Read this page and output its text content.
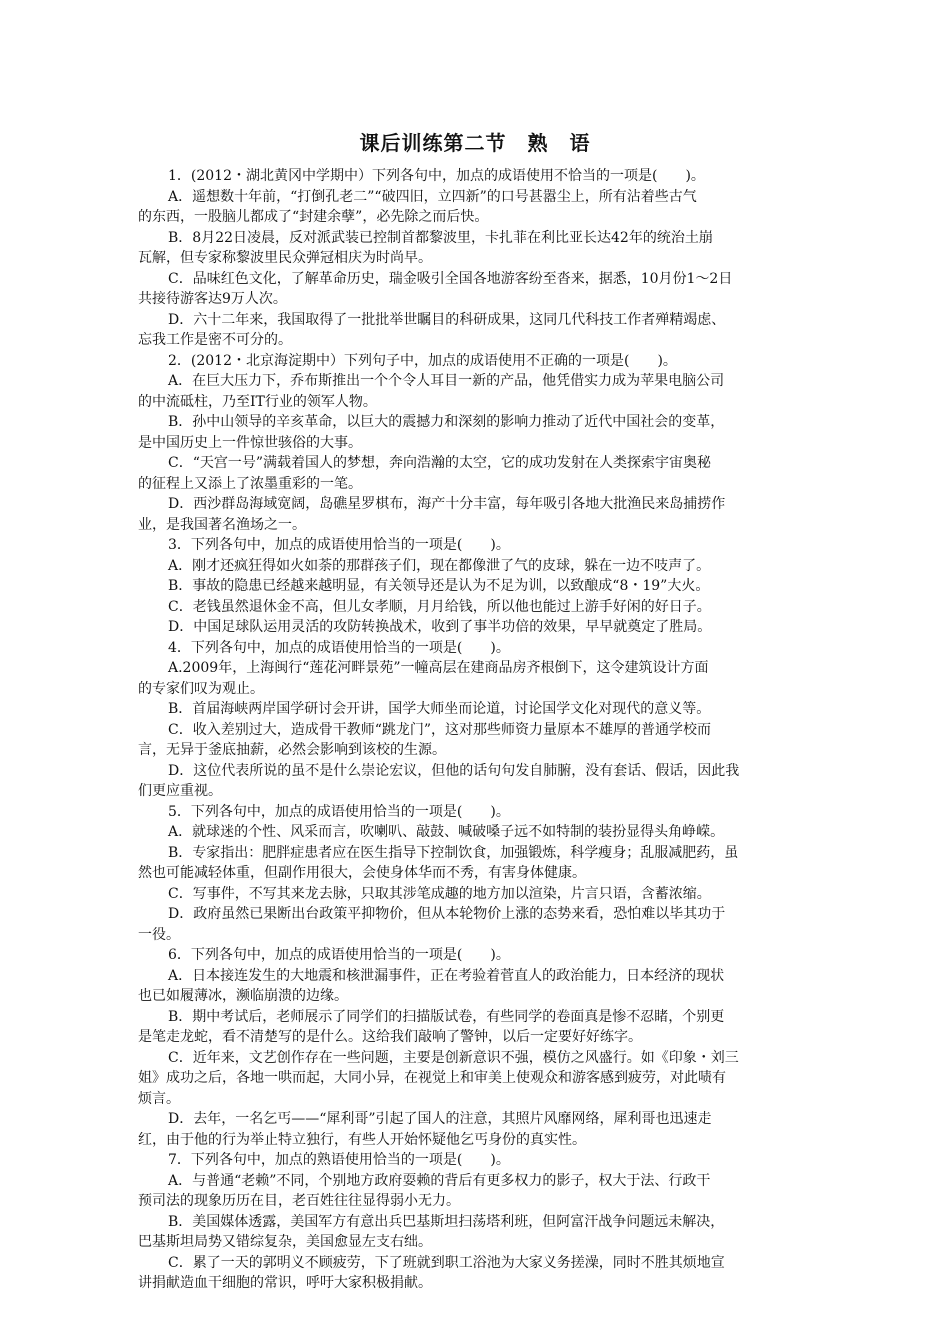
课后训练第二节　熟　语
1．(2012・湖北黄冈中学期中）下列各句中，加点的成语使用不恰当的一项是(　　)。
A．遥想数十年前，“打倒孔老二”“破四旧，立四新”的口号甚嚣尘上，所有沾着些古气
的东西，一股脑儿都成了“封建余孽”，必先除之而后快。
B．8月22日凌晨，反对派武装已控制首都黎波里，卡扎菲在利比亚长达42年的统治土崩
瓦解，但专家称黎波里民众弹冠相庆为时尚早。
C．品味红色文化，了解革命历史，瑞金吸引全国各地游客纷至沓来，据悉，10月份1～2日
共接待游客达9万人次。
D．六十二年来，我国取得了一批批举世瞩目的科研成果，这同几代科技工作者殚精竭虑、
忘我工作是密不可分的。
2．(2012・北京海淀期中）下列句子中，加点的成语使用不正确的一项是(　　)。
A．在巨大压力下，乔布斯推出一个个令人耳目一新的产品，他凭借实力成为苹果电脑公司
的中流砥柱，乃至IT行业的领军人物。
B．孙中山领导的辛亥革命，以巨大的震撼力和深刻的影响力推动了近代中国社会的变革，
是中国历史上一件惊世骇俗的大事。
C．“天宫一号”满载着国人的梦想，奔向浩瀚的太空，它的成功发射在人类探索宇宙奥秘
的征程上又添上了浓墨重彩的一笔。
D．西沙群岛海域宽阔，岛礁星罗棋布，海产十分丰富，每年吸引各地大批渔民来岛捕捞作
业，是我国著名渔场之一。
3．下列各句中，加点的成语使用恰当的一项是(　　)。
A．刚才还疯狂得如火如荼的那群孩子们，现在都像泄了气的皮球，躲在一边不吱声了。
B．事故的隐患已经越来越明显，有关领导还是认为不足为训，以致酿成“8・19”大火。
C．老钱虽然退休金不高，但儿女孝顺，月月给钱，所以他也能过上游手好闲的好日子。
D．中国足球队运用灵活的攻防转换战术，收到了事半功倍的效果，早早就奠定了胜局。
4．下列各句中，加点的成语使用恰当的一项是(　　)。
A.2009年，上海闽行“莲花河畔景苑”一幢高层在建商品房齐根倒下，这令建筑设计方面
的专家们叹为观止。
B．首届海峡两岸国学研讨会开讲，国学大师坐而论道，讨论国学文化对现代的意义等。
C．收入差别过大，造成骨干教师“跳龙门”，这对那些师资力量原本不雄厚的普通学校而
言，无异于釜底抽薪，必然会影响到该校的生源。
D．这位代表所说的虽不是什么崇论宏议，但他的话句句发自肺腑，没有套话、假话，因此我
们更应重视。
5．下列各句中，加点的成语使用恰当的一项是(　　)。
A．就球迷的个性、风采而言，吹喇叭、敲鼓、喊破嗓子远不如特制的装扮显得头角峥嵘。
B．专家指出：肥胖症患者应在医生指导下控制饮食，加强锻炼，科学瘦身；乱服减肥药，虽
然也可能减轻体重，但副作用很大，会使身体华而不秀，有害身体健康。
C．写事件，不写其来龙去脉，只取其涉笔成趣的地方加以渲染，片言只语，含蓄浓缩。
D．政府虽然已果断出台政策平抑物价，但从本轮物价上涨的态势来看，恐怕难以毕其功于
一役。
6．下列各句中，加点的成语使用恰当的一项是(　　)。
A．日本接连发生的大地震和核泄漏事件，正在考验着菅直人的政治能力，日本经济的现状
也已如履薄冰，濒临崩溃的边缘。
B．期中考试后，老师展示了同学们的扫描版试卷，有些同学的卷面真是惨不忍睹，个别更
是笔走龙蛇，看不清楚写的是什么。这给我们敲响了警钟，以后一定要好好练字。
C．近年来，文艺创作存在一些问题，主要是创新意识不强，模仿之风盛行。如《印象・刘三
姐》成功之后，各地一哄而起，大同小异，在视觉上和审美上使观众和游客感到疲劳，对此啧有
烦言。
D．去年，一名乞丐——“犀利哥”引起了国人的注意，其照片风靡网络，犀利哥也迅速走
红，由于他的行为举止特立独行，有些人开始怀疑他乞丐身份的真实性。
7．下列各句中，加点的熟语使用恰当的一项是(　　)。
A．与普通“老赖”不同，个别地方政府耍赖的背后有更多权力的影子，权大于法、行政干
预司法的现象历历在目，老百姓往往显得弱小无力。
B．美国媒体透露，美国军方有意出兵巴基斯坦扫荡塔利班，但阿富汗战争问题远未解决，
巴基斯坦局势又错综复杂，美国愈显左支右绌。
C．累了一天的郭明义不顾疲劳，下了班就到职工浴池为大家义务搓澡，同时不胜其烦地宣
讲捐献造血干细胞的常识，呼吁大家积极捐献。
